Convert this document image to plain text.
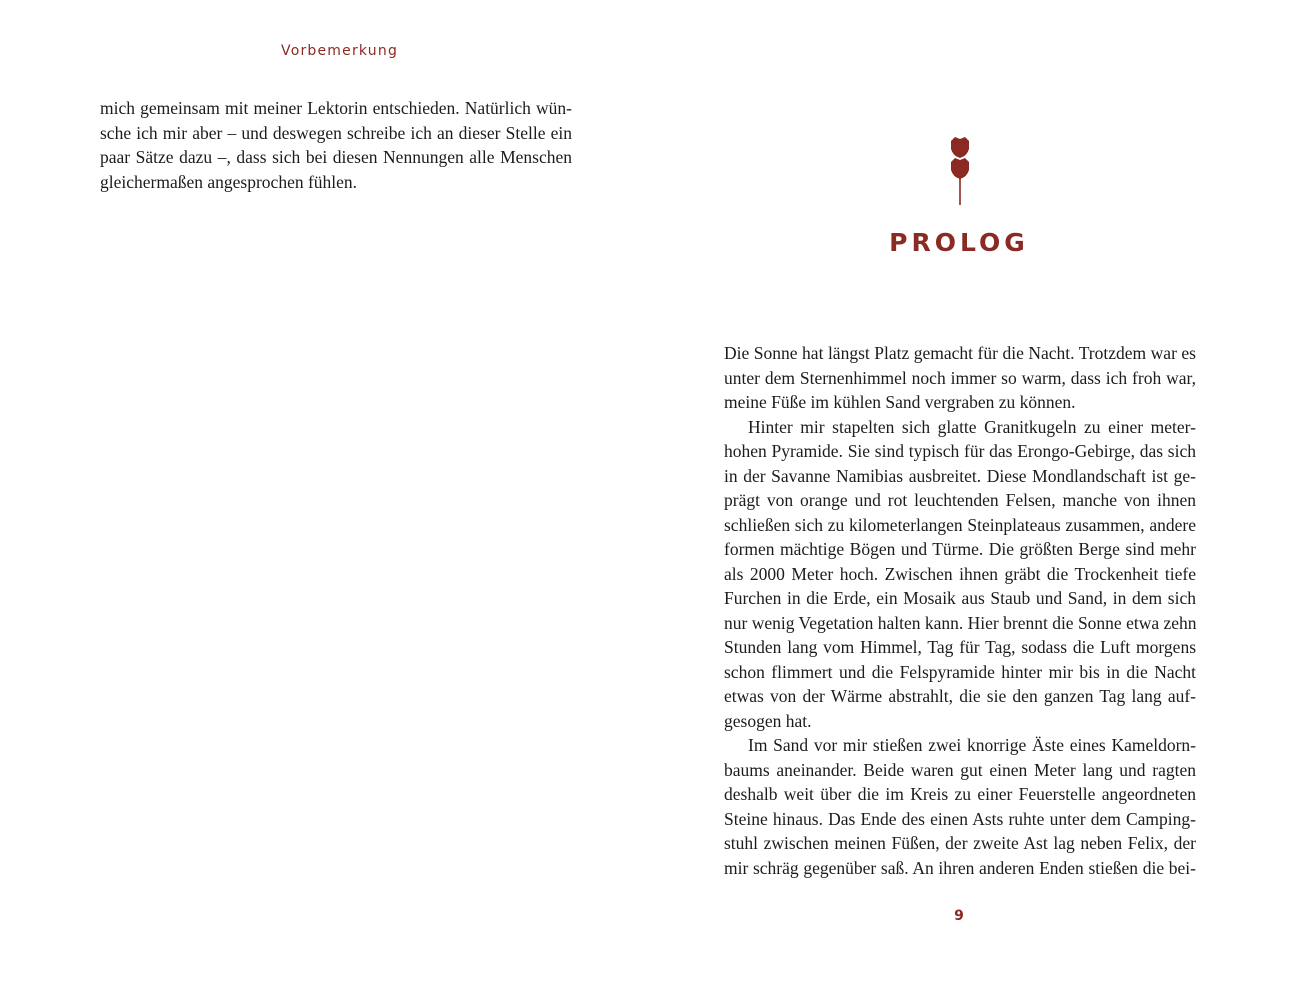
Vorbemerkung
mich gemeinsam mit meiner Lektorin entschieden. Natürlich wün-
sche ich mir aber – und deswegen schreibe ich an dieser Stelle ein
paar Sätze dazu –, dass sich bei diesen Nennungen alle Menschen
gleichermaßen angesprochen fühlen.
PROLOG
Die Sonne hat längst Platz gemacht für die Nacht. Trotzdem war es
unter dem Sternenhimmel noch immer so warm, dass ich froh war,
meine Füße im kühlen Sand vergraben zu können.
Hinter mir stapelten sich glatte Granitkugeln zu einer meter-
hohen Pyramide. Sie sind typisch für das Erongo-Gebirge, das sich
in der Savanne Namibias ausbreitet. Diese Mondlandschaft ist ge-
prägt von orange und rot leuchtenden Felsen, manche von ihnen
schließen sich zu kilometerlangen Steinplateaus zusammen, andere
formen mächtige Bögen und Türme. Die größten Berge sind mehr
als 2000 Meter hoch. Zwischen ihnen gräbt die Trockenheit tiefe
Furchen in die Erde, ein Mosaik aus Staub und Sand, in dem sich
nur wenig Vegetation halten kann. Hier brennt die Sonne etwa zehn
Stunden lang vom Himmel, Tag für Tag, sodass die Luft morgens
schon flimmert und die Felspyramide hinter mir bis in die Nacht
etwas von der Wärme abstrahlt, die sie den ganzen Tag lang auf-
gesogen hat.
Im Sand vor mir stießen zwei knorrige Äste eines Kameldorn-
baums aneinander. Beide waren gut einen Meter lang und ragten
deshalb weit über die im Kreis zu einer Feuerstelle angeordneten
Steine hinaus. Das Ende des einen Asts ruhte unter dem Camping-
stuhl zwischen meinen Füßen, der zweite Ast lag neben Felix, der
mir schräg gegenüber saß. An ihren anderen Enden stießen die bei-
9
